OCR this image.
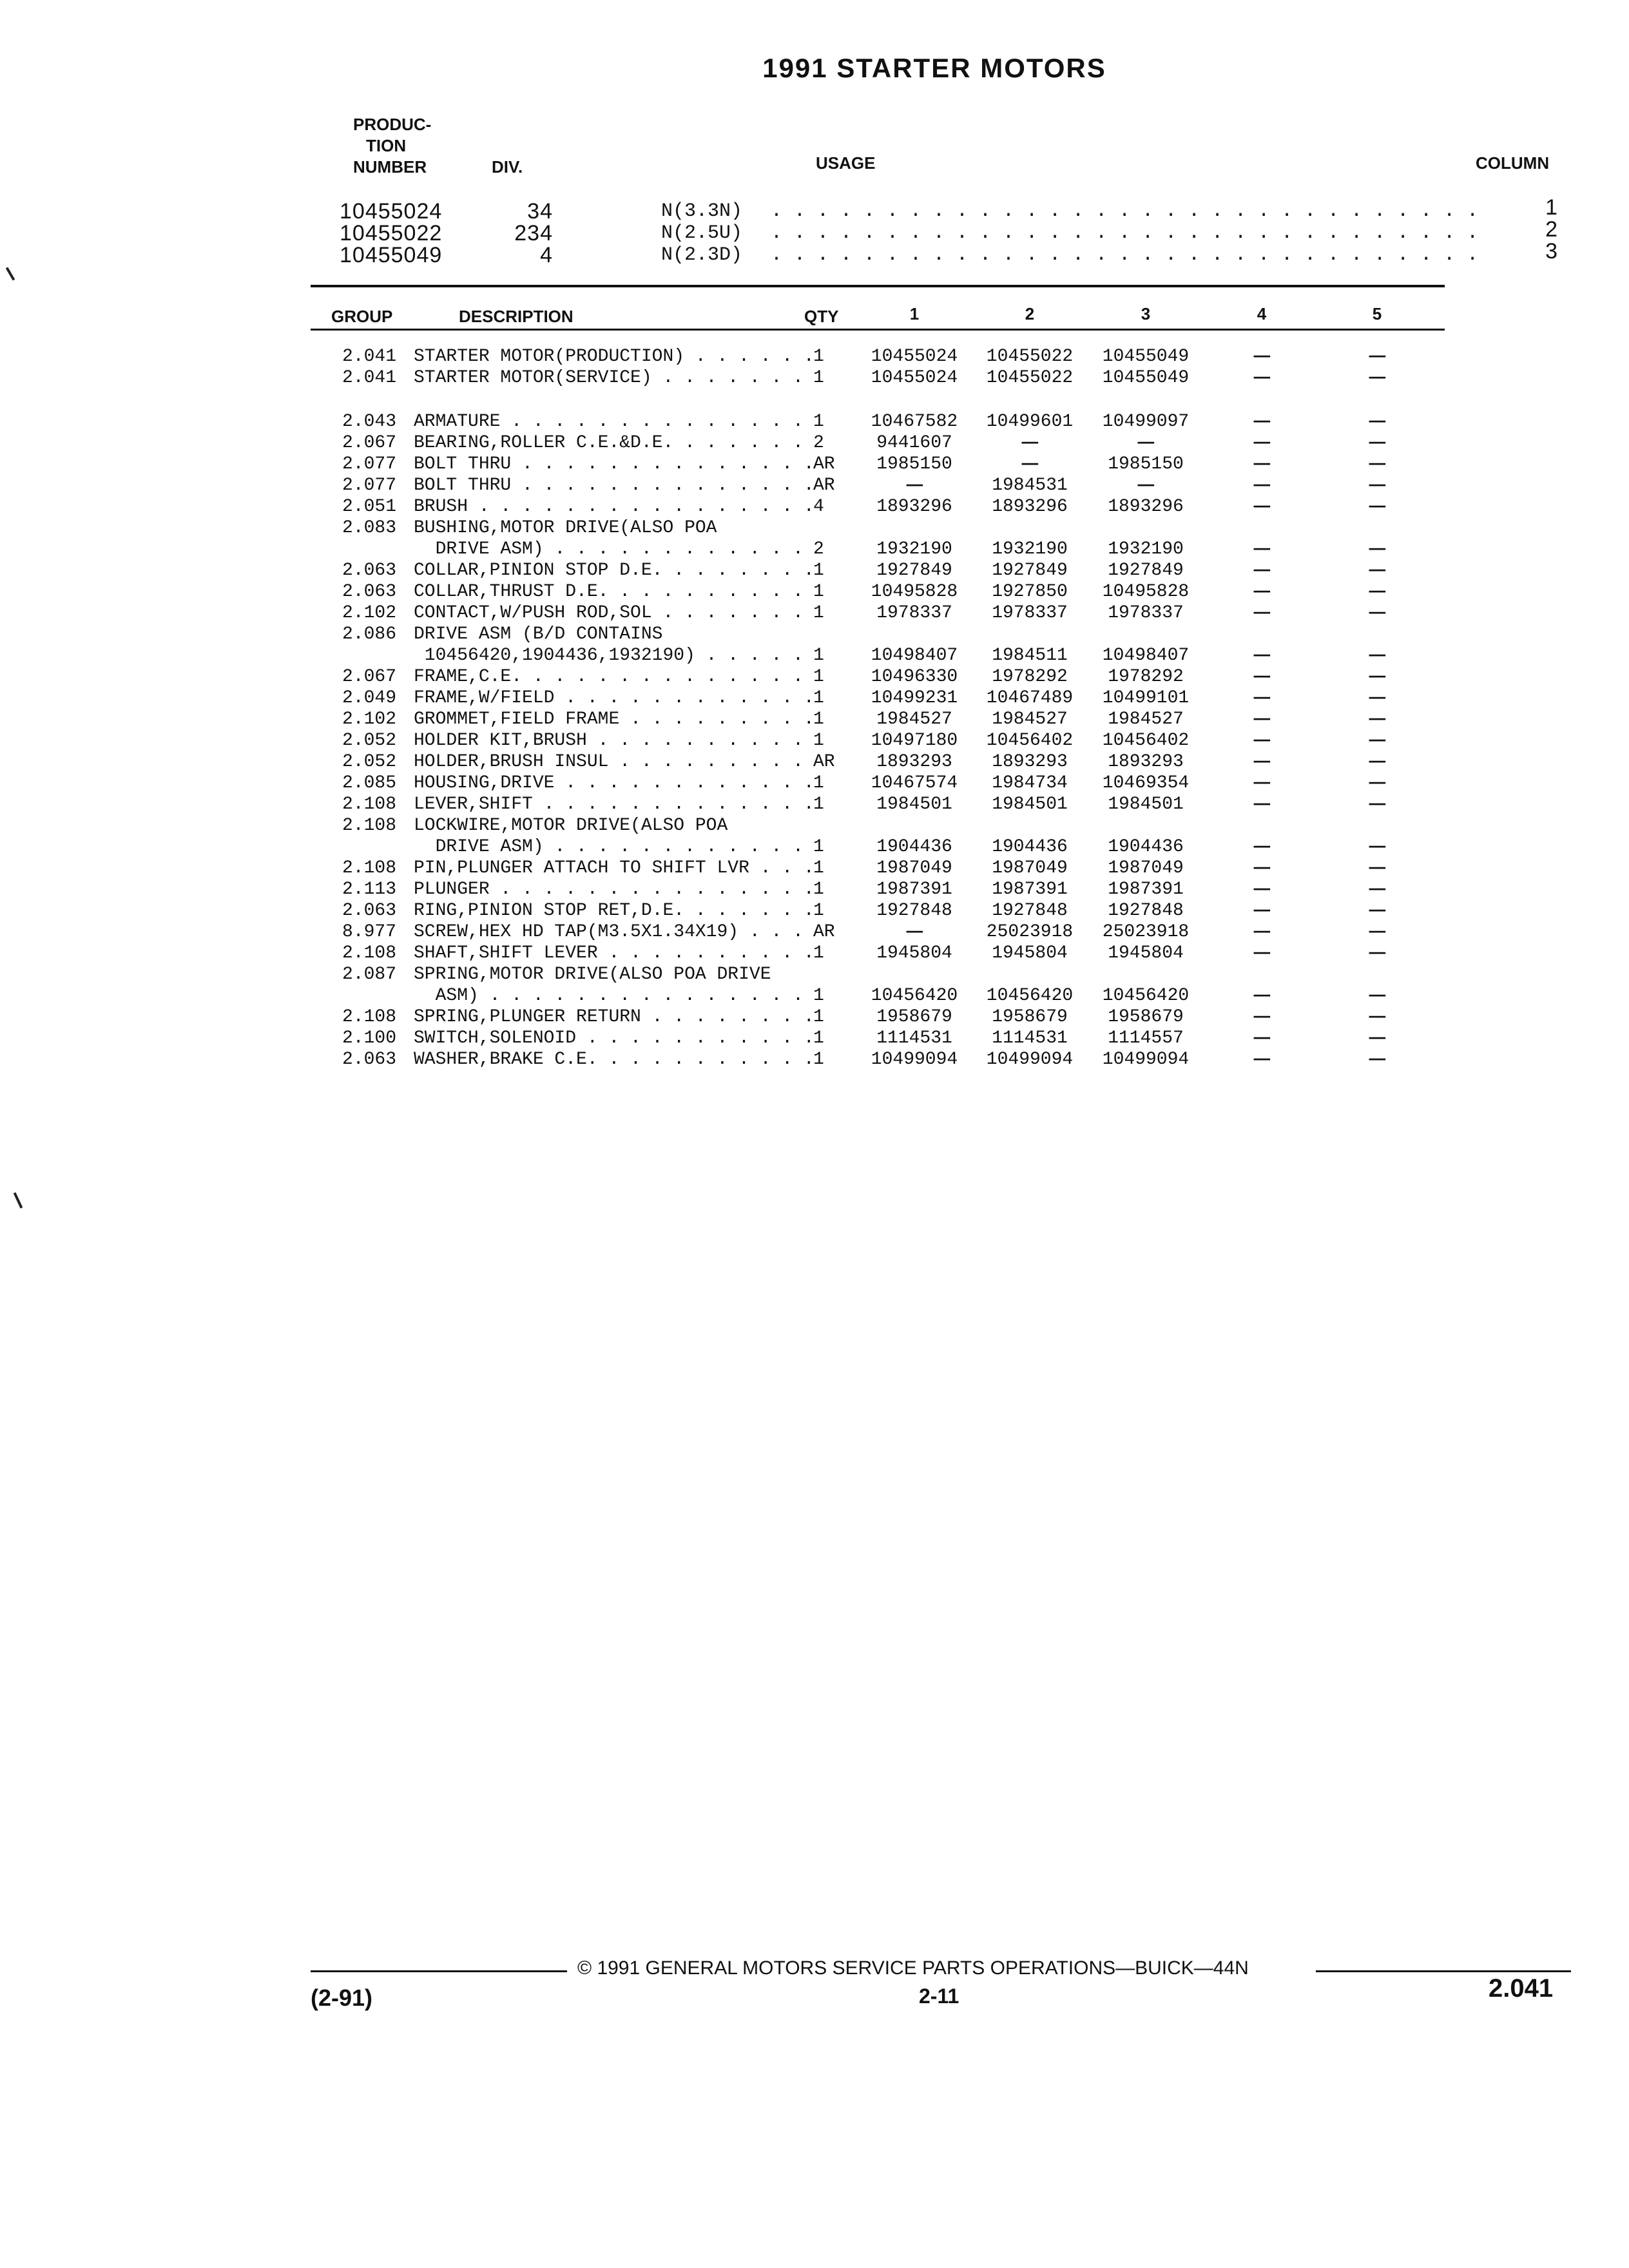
1991 STARTER MOTORS
PRODUC-
TION
NUMBER	DIV.	USAGE	COLUMN
10455024	34	N(3.3N) . . .	1
10455022	234	N(2.5U) . . .	2
10455049	4	N(2.3D) . . .	3
GROUP	DESCRIPTION	QTY	1	2	3	4	5
2.041 STARTER MOTOR(PRODUCTION) . . .	1	10455024	10455022	10455049	—	—
2.041 STARTER MOTOR(SERVICE) . . .	1	10455024	10455022	10455049	—	—
2.043 ARMATURE . . .	1	10467582	10499601	10499097	—	—
2.067 BEARING,ROLLER C.E.&D.E. . . .	2	9441607	—	—	—	—
2.077 BOLT THRU . . .	AR	1985150	—	1985150	—	—
2.077 BOLT THRU . . .	AR	—	1984531	—	—	—
2.051 BRUSH . . .	4	1893296	1893296	1893296	—	—
2.083 BUSHING,MOTOR DRIVE(ALSO POA
DRIVE ASM) . . .	2	1932190	1932190	1932190	—	—
2.063 COLLAR,PINION STOP D.E. . . .	1	1927849	1927849	1927849	—	—
2.063 COLLAR,THRUST D.E. . . .	1	10495828	1927850	10495828	—	—
2.102 CONTACT,W/PUSH ROD,SOL . . .	1	1978337	1978337	1978337	—	—
2.086 DRIVE ASM (B/D CONTAINS
10456420,1904436,1932190) . . .	1	10498407	1984511	10498407	—	—
2.067 FRAME,C.E. . . .	1	10496330	1978292	1978292	—	—
2.049 FRAME,W/FIELD . . .	1	10499231	10467489	10499101	—	—
2.102 GROMMET,FIELD FRAME . . .	1	1984527	1984527	1984527	—	—
2.052 HOLDER KIT,BRUSH . . .	1	10497180	10456402	10456402	—	—
2.052 HOLDER,BRUSH INSUL . . .	AR	1893293	1893293	1893293	—	—
2.085 HOUSING,DRIVE . . .	1	10467574	1984734	10469354	—	—
2.108 LEVER,SHIFT . . .	1	1984501	1984501	1984501	—	—
2.108 LOCKWIRE,MOTOR DRIVE(ALSO POA
DRIVE ASM) . . .	1	1904436	1904436	1904436	—	—
2.108 PIN,PLUNGER ATTACH TO SHIFT LVR . . .	1	1987049	1987049	1987049	—	—
2.113 PLUNGER . . .	1	1987391	1987391	1987391	—	—
2.063 RING,PINION STOP RET,D.E. . . .	1	1927848	1927848	1927848	—	—
8.977 SCREW,HEX HD TAP(M3.5X1.34X19) . . .	AR	—	25023918	25023918	—	—
2.108 SHAFT,SHIFT LEVER . . .	1	1945804	1945804	1945804	—	—
2.087 SPRING,MOTOR DRIVE(ALSO POA DRIVE
ASM) . . .	1	10456420	10456420	10456420	—	—
2.108 SPRING,PLUNGER RETURN . . .	1	1958679	1958679	1958679	—	—
2.100 SWITCH,SOLENOID . . .	1	1114531	1114531	1114557	—	—
2.063 WASHER,BRAKE C.E. . . .	1	10499094	10499094	10499094	—	—
© 1991 GENERAL MOTORS SERVICE PARTS OPERATIONS—BUICK—44N
(2-91)	2-11	2.041
